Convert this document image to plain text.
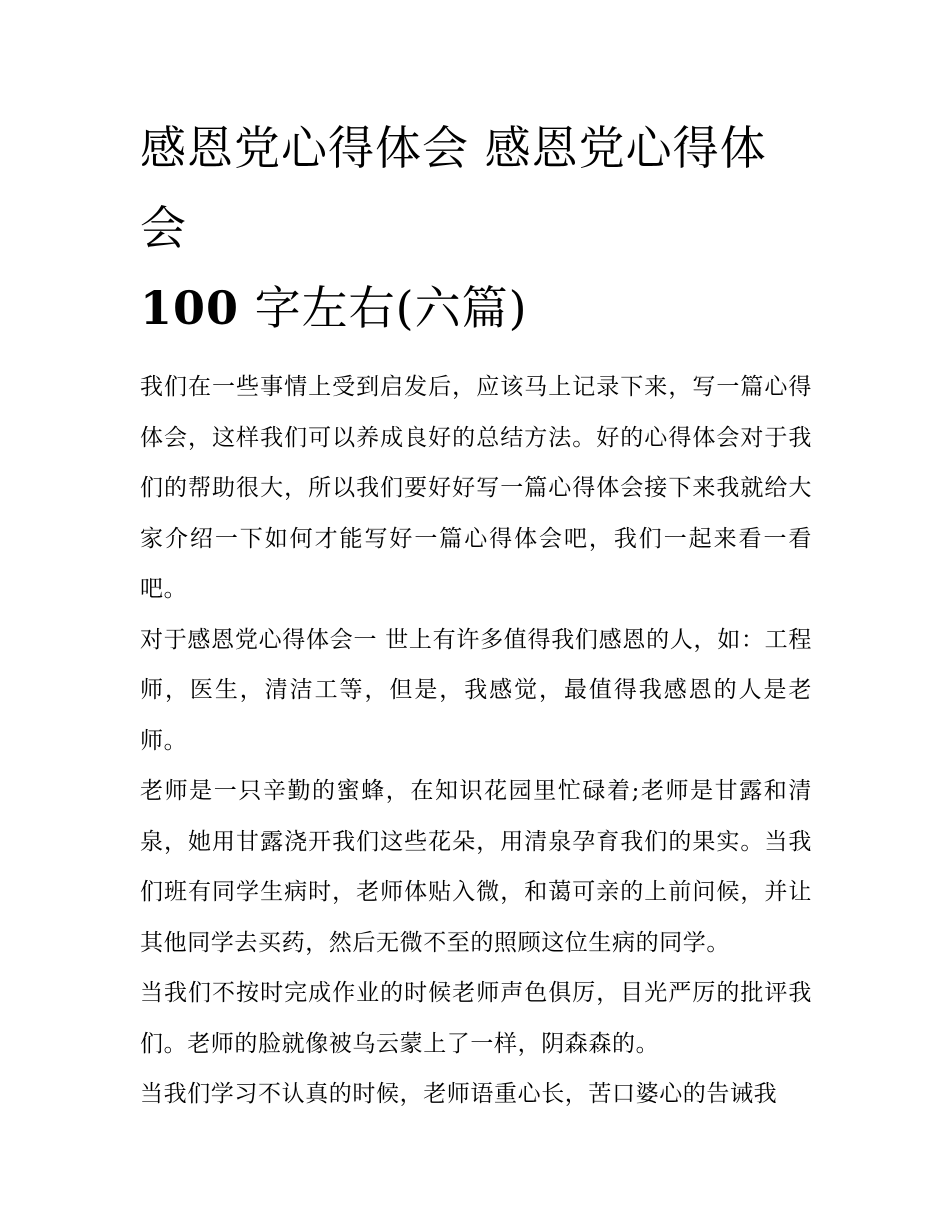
感恩党心得体会 感恩党心得体会
100 字左右(六篇)

我们在一些事情上受到启发后，应该马上记录下来，写一篇心得体会，这样我们可以养成良好的总结方法。好的心得体会对于我们的帮助很大，所以我们要好好写一篇心得体会接下来我就给大家介绍一下如何才能写好一篇心得体会吧，我们一起来看一看吧。

对于感恩党心得体会一 世上有许多值得我们感恩的人，如：工程师，医生，清洁工等，但是，我感觉，最值得我感恩的人是老师。

老师是一只辛勤的蜜蜂，在知识花园里忙碌着;老师是甘露和清泉，她用甘露浇开我们这些花朵，用清泉孕育我们的果实。当我们班有同学生病时，老师体贴入微，和蔼可亲的上前问候，并让其他同学去买药，然后无微不至的照顾这位生病的同学。

当我们不按时完成作业的时候老师声色俱厉，目光严厉的批评我们。老师的脸就像被乌云蒙上了一样，阴森森的。

当我们学习不认真的时候，老师语重心长，苦口婆心的告诫我
